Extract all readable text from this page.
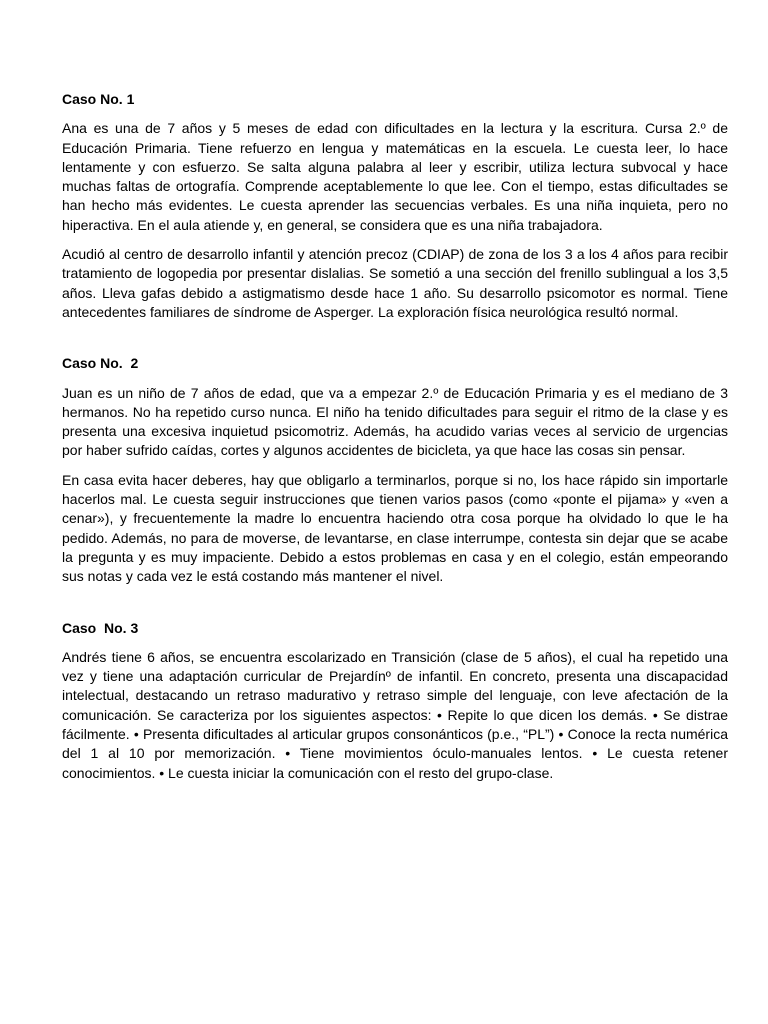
Caso No. 1

Ana es una de 7 años y 5 meses de edad con dificultades en la lectura y la escritura. Cursa 2.º de Educación Primaria. Tiene refuerzo en lengua y matemáticas en la escuela. Le cuesta leer, lo hace lentamente y con esfuerzo. Se salta alguna palabra al leer y escribir, utiliza lectura subvocal y hace muchas faltas de ortografía. Comprende aceptablemente lo que lee. Con el tiempo, estas dificultades se han hecho más evidentes. Le cuesta aprender las secuencias verbales. Es una niña inquieta, pero no hiperactiva. En el aula atiende y, en general, se considera que es una niña trabajadora.

Acudió al centro de desarrollo infantil y atención precoz (CDIAP) de zona de los 3 a los 4 años para recibir tratamiento de logopedia por presentar dislalias. Se sometió a una sección del frenillo sublingual a los 3,5 años. Lleva gafas debido a astigmatismo desde hace 1 año. Su desarrollo psicomotor es normal. Tiene antecedentes familiares de síndrome de Asperger. La exploración física neurológica resultó normal.

Caso No.  2

Juan es un niño de 7 años de edad, que va a empezar 2.º de Educación Primaria y es el mediano de 3 hermanos. No ha repetido curso nunca. El niño ha tenido dificultades para seguir el ritmo de la clase y es presenta una excesiva inquietud psicomotriz. Además, ha acudido varias veces al servicio de urgencias por haber sufrido caídas, cortes y algunos accidentes de bicicleta, ya que hace las cosas sin pensar.

En casa evita hacer deberes, hay que obligarlo a terminarlos, porque si no, los hace rápido sin importarle hacerlos mal. Le cuesta seguir instrucciones que tienen varios pasos (como «ponte el pijama» y «ven a cenar»), y frecuentemente la madre lo encuentra haciendo otra cosa porque ha olvidado lo que le ha pedido. Además, no para de moverse, de levantarse, en clase interrumpe, contesta sin dejar que se acabe la pregunta y es muy impaciente. Debido a estos problemas en casa y en el colegio, están empeorando sus notas y cada vez le está costando más mantener el nivel.

Caso  No. 3

Andrés tiene 6 años, se encuentra escolarizado en Transición (clase de 5 años), el cual ha repetido una vez y tiene una adaptación curricular de Prejardínº de infantil. En concreto, presenta una discapacidad intelectual, destacando un retraso madurativo y retraso simple del lenguaje, con leve afectación de la comunicación. Se caracteriza por los siguientes aspectos: • Repite lo que dicen los demás. • Se distrae fácilmente. • Presenta dificultades al articular grupos consonánticos (p.e., “PL”) • Conoce la recta numérica del 1 al 10 por memorización. • Tiene movimientos óculo-manuales lentos. • Le cuesta retener conocimientos. • Le cuesta iniciar la comunicación con el resto del grupo-clase.
